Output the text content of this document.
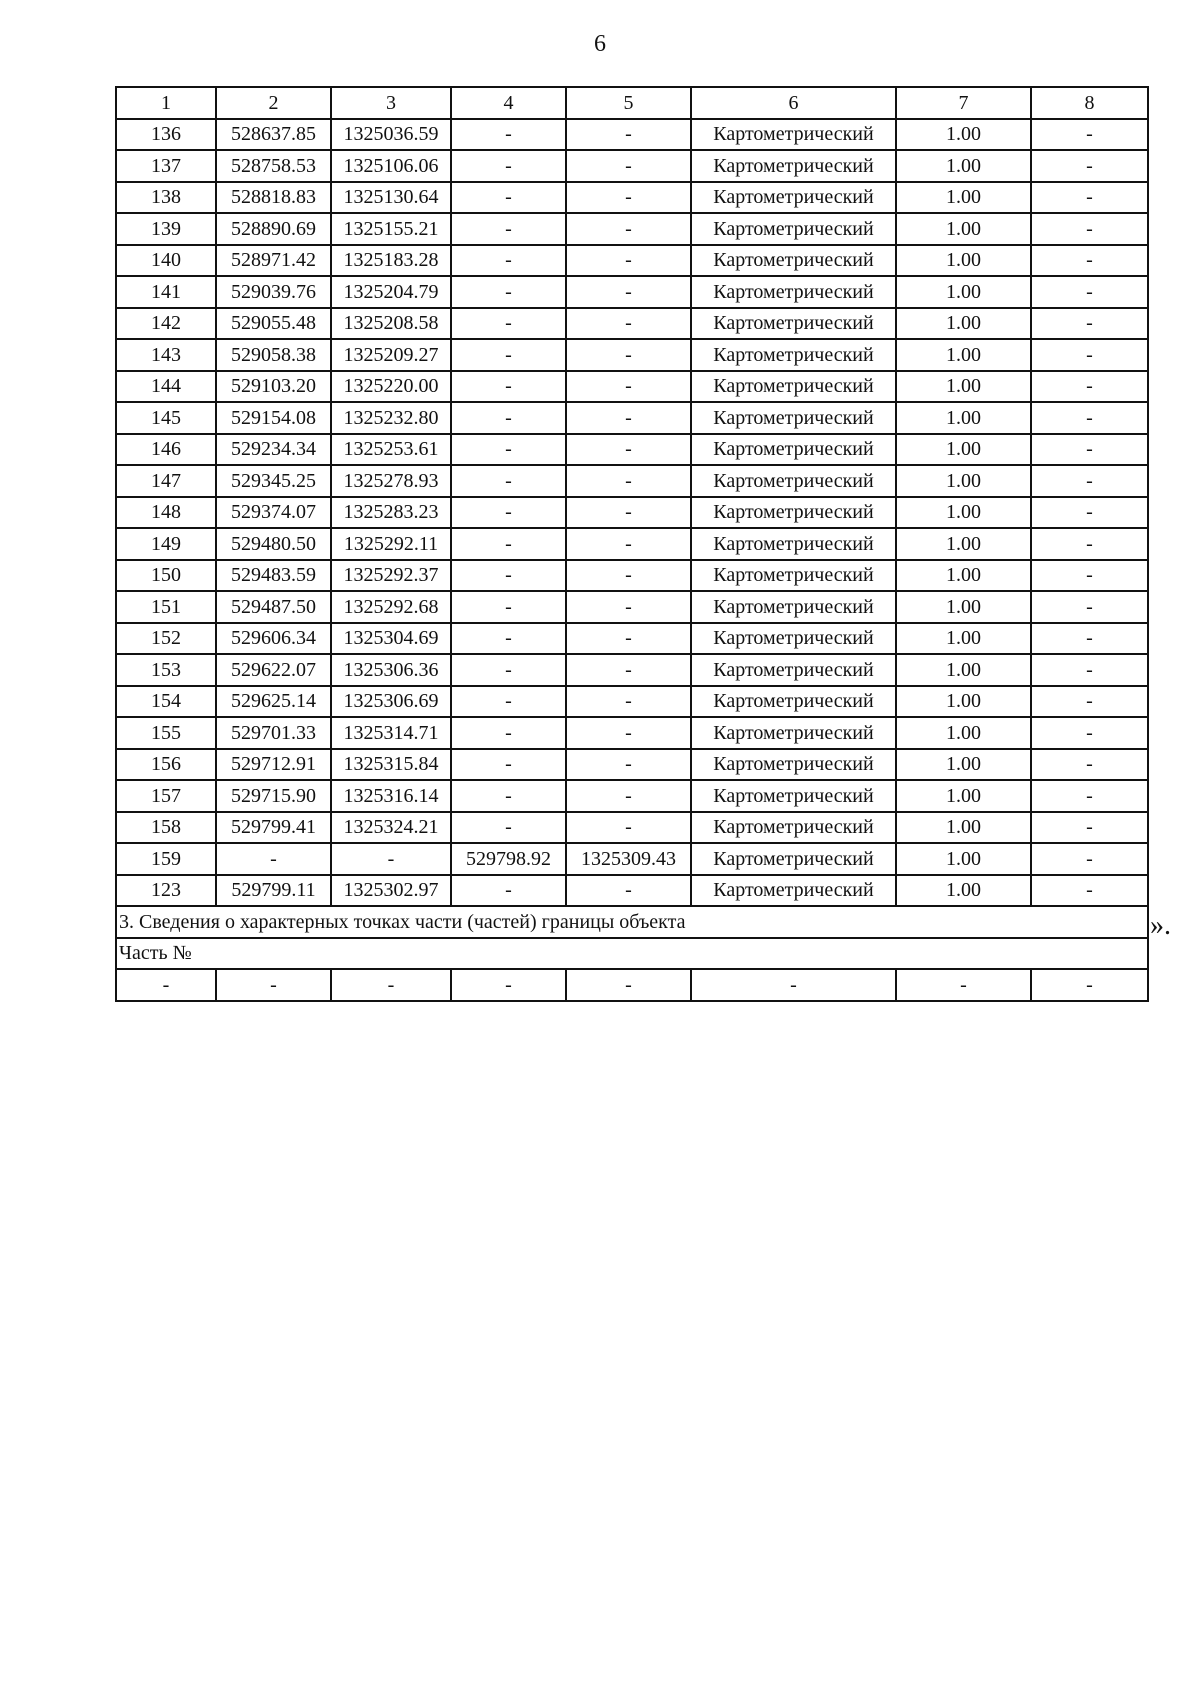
6
1	2	3	4	5	6	7	8
136	528637.85	1325036.59	-	-	Картометрический	1.00	-
137	528758.53	1325106.06	-	-	Картометрический	1.00	-
138	528818.83	1325130.64	-	-	Картометрический	1.00	-
139	528890.69	1325155.21	-	-	Картометрический	1.00	-
140	528971.42	1325183.28	-	-	Картометрический	1.00	-
141	529039.76	1325204.79	-	-	Картометрический	1.00	-
142	529055.48	1325208.58	-	-	Картометрический	1.00	-
143	529058.38	1325209.27	-	-	Картометрический	1.00	-
144	529103.20	1325220.00	-	-	Картометрический	1.00	-
145	529154.08	1325232.80	-	-	Картометрический	1.00	-
146	529234.34	1325253.61	-	-	Картометрический	1.00	-
147	529345.25	1325278.93	-	-	Картометрический	1.00	-
148	529374.07	1325283.23	-	-	Картометрический	1.00	-
149	529480.50	1325292.11	-	-	Картометрический	1.00	-
150	529483.59	1325292.37	-	-	Картометрический	1.00	-
151	529487.50	1325292.68	-	-	Картометрический	1.00	-
152	529606.34	1325304.69	-	-	Картометрический	1.00	-
153	529622.07	1325306.36	-	-	Картометрический	1.00	-
154	529625.14	1325306.69	-	-	Картометрический	1.00	-
155	529701.33	1325314.71	-	-	Картометрический	1.00	-
156	529712.91	1325315.84	-	-	Картометрический	1.00	-
157	529715.90	1325316.14	-	-	Картометрический	1.00	-
158	529799.41	1325324.21	-	-	Картометрический	1.00	-
159	-	-	529798.92	1325309.43	Картометрический	1.00	-
123	529799.11	1325302.97	-	-	Картометрический	1.00	-
3. Сведения о характерных точках части (частей) границы объекта							
Часть №							
-	-	-	-	-	-	-	-
».
